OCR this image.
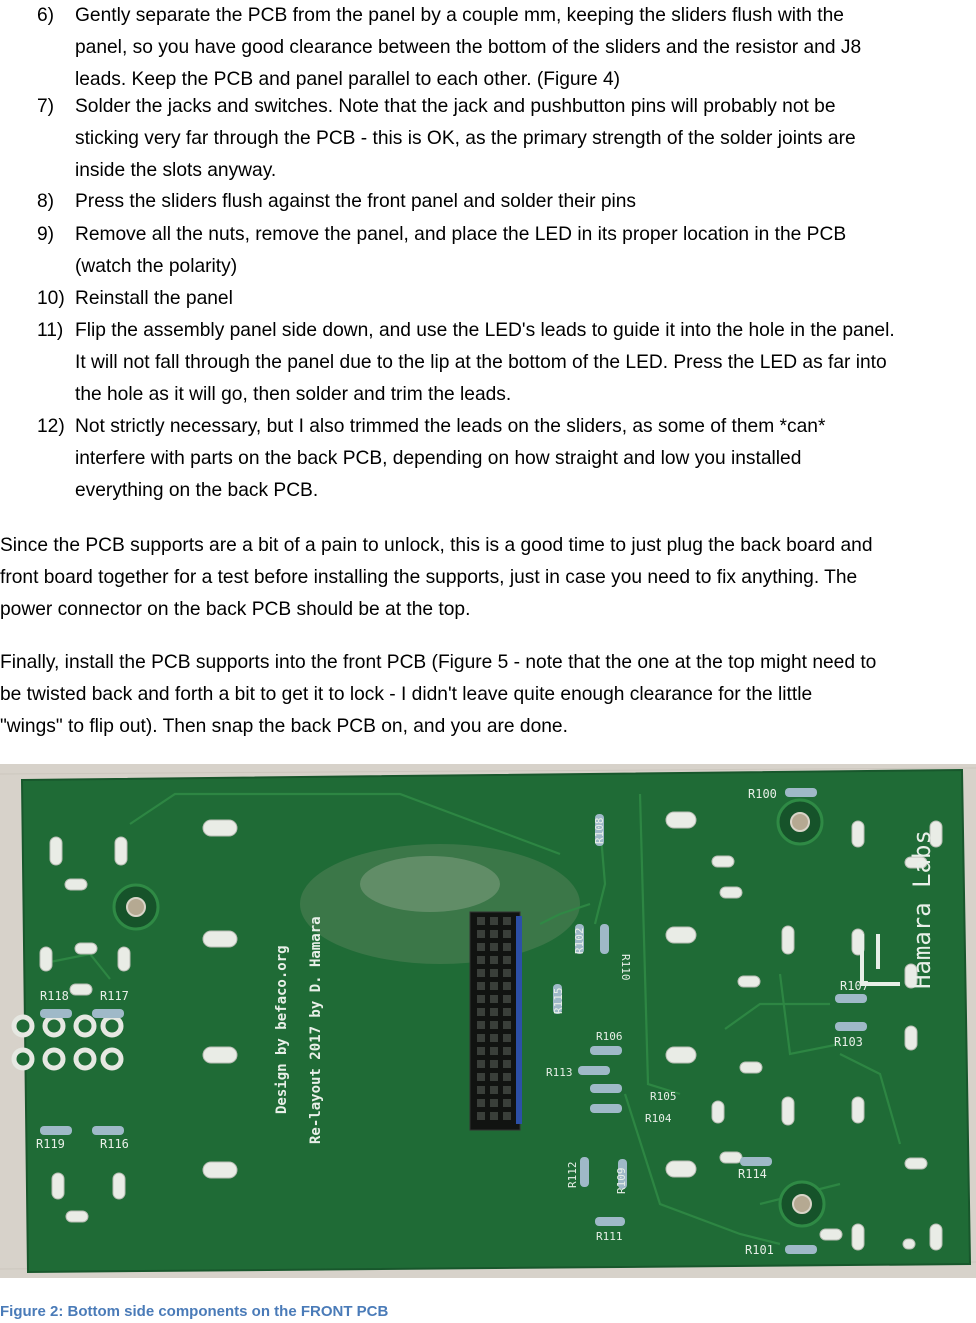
6)	Gently separate the PCB from the panel by a couple mm, keeping the sliders flush with the
panel, so you have good clearance between the bottom of the sliders and the resistor and J8
leads. Keep the PCB and panel parallel to each other. (Figure 4)
7)	Solder the jacks and switches. Note that the jack and pushbutton pins will probably not be
sticking very far through the PCB - this is OK, as the primary strength of the solder joints are
inside the slots anyway.
8)	Press the sliders flush against the front panel and solder their pins
9)	Remove all the nuts, remove the panel, and place the LED in its proper location in the PCB
(watch the polarity)
10) Reinstall the panel
11) Flip the assembly panel side down, and use the LED's leads to guide it into the hole in the panel.
It will not fall through the panel due to the lip at the bottom of the LED. Press the LED as far into
the hole as it will go, then solder and trim the leads.
12) Not strictly necessary, but I also trimmed the leads on the sliders, as some of them *can*
interfere with parts on the back PCB, depending on how straight and low you installed
everything on the back PCB.
Since the PCB supports are a bit of a pain to unlock, this is a good time to just plug the back board and
front board together for a test before installing the supports, just in case you need to fix anything. The
power connector on the back PCB should be at the top.
Finally, install the PCB supports into the front PCB (Figure 5 - note that the one at the top might need to
be twisted back and forth a bit to get it to lock - I didn't leave quite enough clearance for the little
"wings" to flip out). Then snap the back PCB on, and you are done.
R118	R117
R119	R116
Design by befaco.org Re-layout 2017 by D. Hamara
R108
R102
R110
R115
R106
R113
R105
R104
R112	R109
R111
R100
R107
R103
R114
R101
Hamara Labs
Figure 2: Bottom side components on the FRONT PCB
